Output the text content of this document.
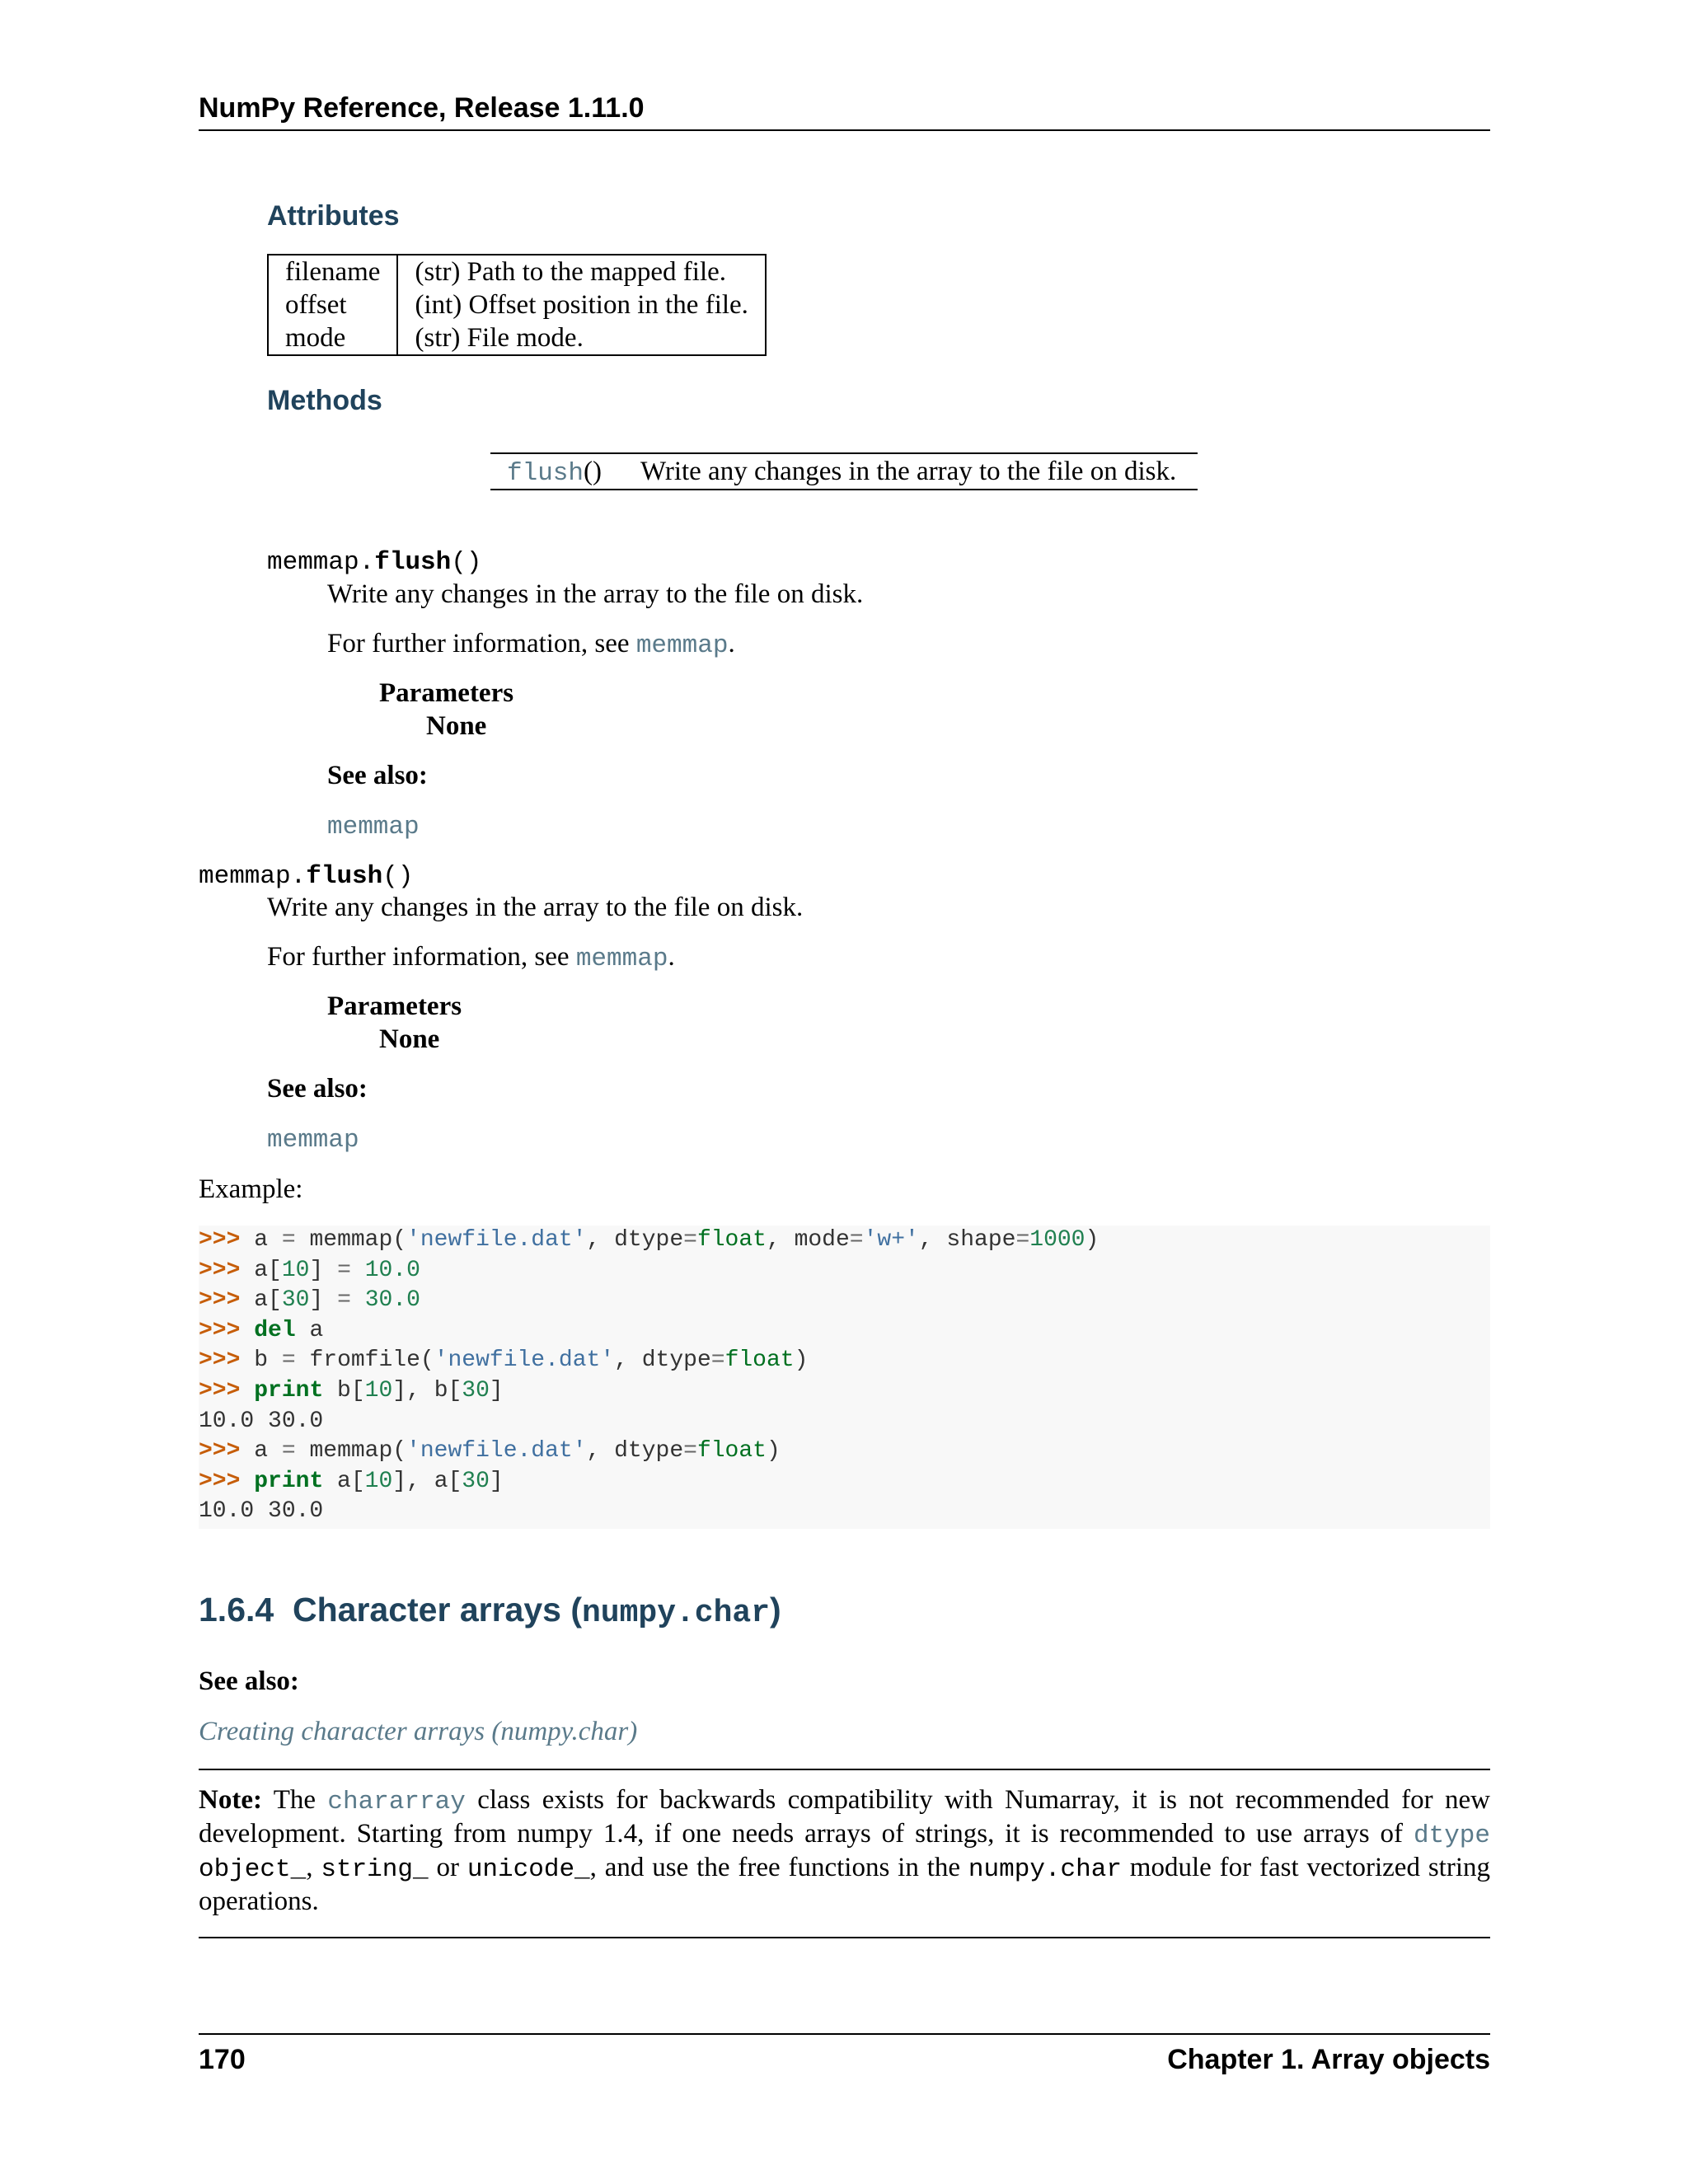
NumPy Reference, Release 1.11.0
Attributes
filename	(str) Path to the mapped file.
offset	(int) Offset position in the file.
mode	(str) File mode.
Methods
flush() Write any changes in the array to the file on disk.
memmap.flush()
Write any changes in the array to the file on disk.
For further information, see memmap.
Parameters
None
See also:
memmap
memmap.flush()
Write any changes in the array to the file on disk.
For further information, see memmap.
Parameters
None
See also:
memmap
Example:
>>> a = memmap('newfile.dat', dtype=float, mode='w+', shape=1000)
>>> a[10] = 10.0
>>> a[30] = 30.0
>>> del a
>>> b = fromfile('newfile.dat', dtype=float)
>>> print b[10], b[30]
10.0 30.0
>>> a = memmap('newfile.dat', dtype=float)
>>> print a[10], a[30]
10.0 30.0
1.6.4 Character arrays (numpy.char)
See also:
Creating character arrays (numpy.char)
Note: The chararray class exists for backwards compatibility with Numarray, it is not recommended for new development. Starting from numpy 1.4, if one needs arrays of strings, it is recommended to use arrays of dtype object_, string_ or unicode_, and use the free functions in the numpy.char module for fast vectorized string operations.
170	Chapter 1. Array objects
